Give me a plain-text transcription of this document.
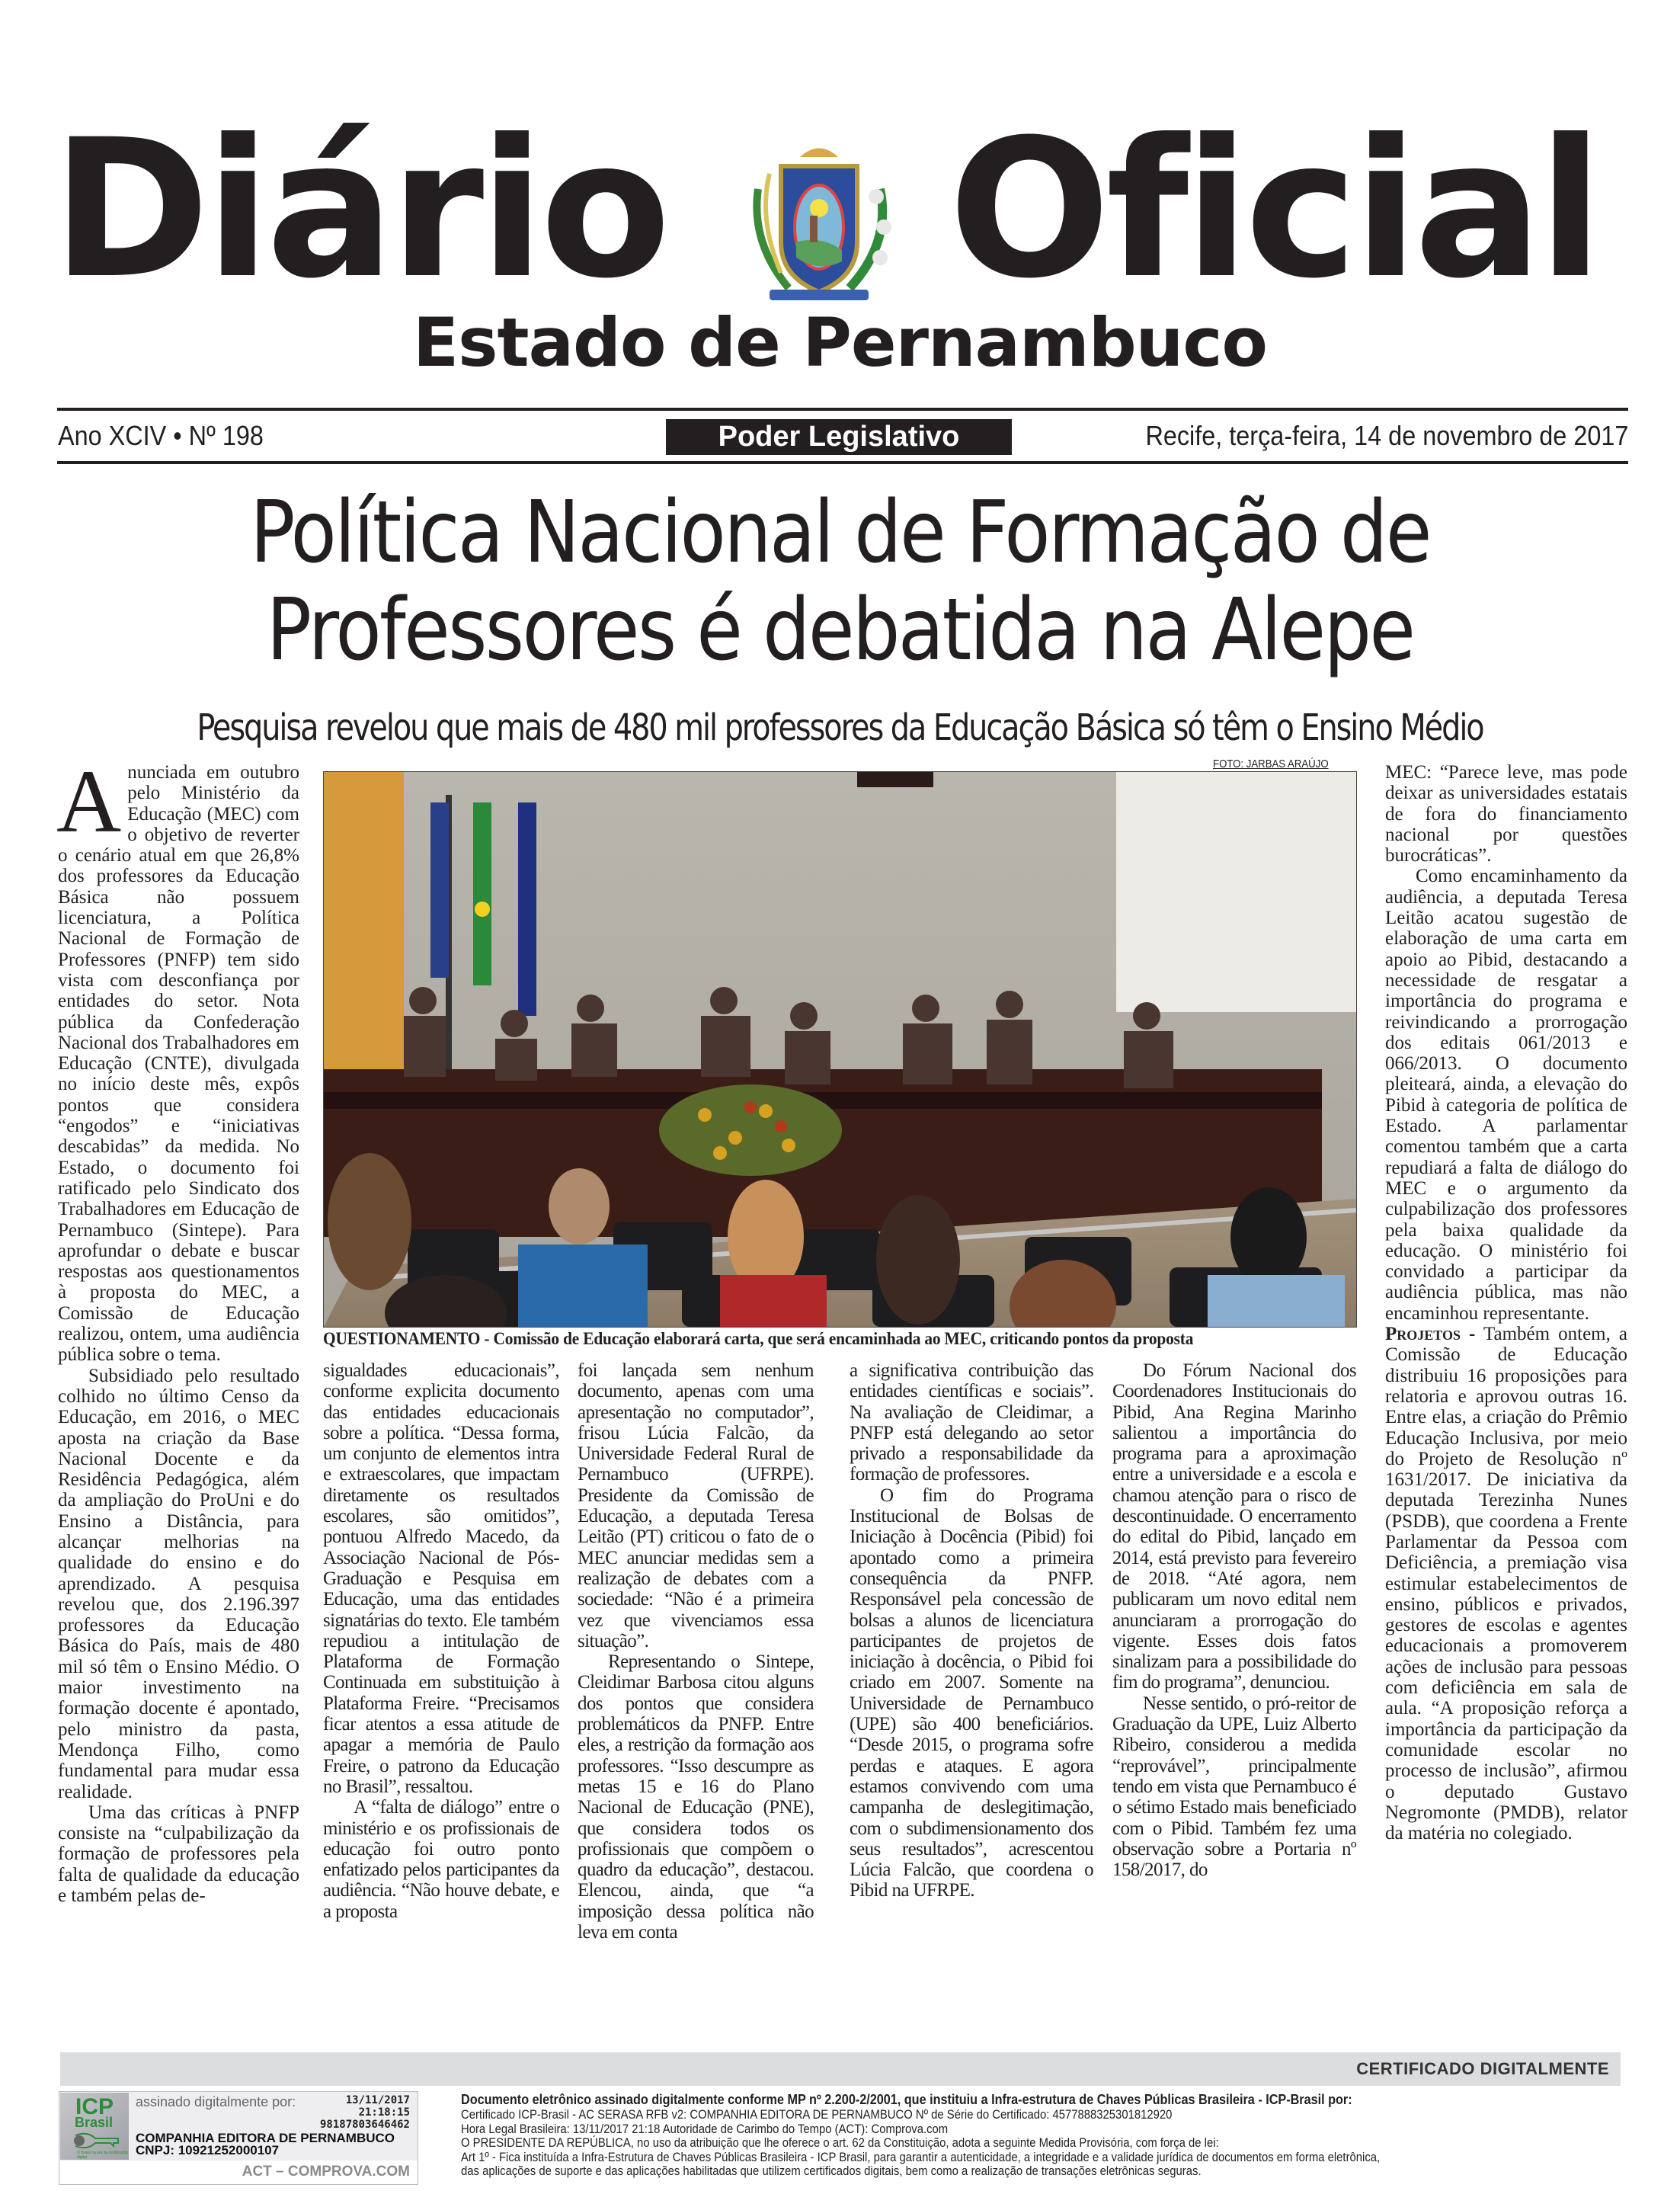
Diário Oficial
Estado de Pernambuco
Ano XCIV • Nº 198	Poder Legislativo	Recife, terça-feira, 14 de novembro de 2017
Política Nacional de Formação de
Professores é debatida na Alepe
Pesquisa revelou que mais de 480 mil professores da Educação Básica só têm o Ensino Médio

Anunciada em outubro pelo Ministério da Educação (MEC) com o objetivo de reverter o cenário atual em que 26,8% dos professores da Educação Básica não possuem licenciatura, a Política Nacional de Formação de Professores (PNFP) tem sido vista com desconfiança por entidades do setor. Nota pública da Confederação Nacional dos Trabalhadores em Educação (CNTE), divulgada no início deste mês, expôs pontos que considera “engodos” e “iniciativas descabidas” da medida. No Estado, o documento foi ratificado pelo Sindicato dos Trabalhadores em Educação de Pernambuco (Sintepe). Para aprofundar o debate e buscar respostas aos questionamentos à proposta do MEC, a Comissão de Educação realizou, ontem, uma audiência pública sobre o tema.

Subsidiado pelo resultado colhido no último Censo da Educação, em 2016, o MEC aposta na criação da Base Nacional Docente e da Residência Pedagógica, além da ampliação do ProUni e do Ensino a Distância, para alcançar melhorias na qualidade do ensino e do aprendizado. A pesquisa revelou que, dos 2.196.397 professores da Educação Básica do País, mais de 480 mil só têm o Ensino Médio. O maior investimento na formação docente é apontado, pelo ministro da pasta, Mendonça Filho, como fundamental para mudar essa realidade.

Uma das críticas à PNFP consiste na “culpabilização da formação de professores pela falta de qualidade da educação e também pelas de-

FOTO: JARBAS ARAÚJO
QUESTIONAMENTO - Comissão de Educação elaborará carta, que será encaminhada ao MEC, criticando pontos da proposta

sigualdades educacionais”, conforme explicita documento das entidades educacionais sobre a política. “Dessa forma, um conjunto de elementos intra e extraescolares, que impactam diretamente os resultados escolares, são omitidos”, pontuou Alfredo Macedo, da Associação Nacional de Pós-Graduação e Pesquisa em Educação, uma das entidades signatárias do texto. Ele também repudiou a intitulação de Plataforma de Formação Continuada em substituição à Plataforma Freire. “Precisamos ficar atentos a essa atitude de apagar a memória de Paulo Freire, o patrono da Educação no Brasil”, ressaltou.

A “falta de diálogo” entre o ministério e os profissionais de educação foi outro ponto enfatizado pelos participantes da audiência. “Não houve debate, e a proposta

foi lançada sem nenhum documento, apenas com uma apresentação no computador”, frisou Lúcia Falcão, da Universidade Federal Rural de Pernambuco (UFRPE). Presidente da Comissão de Educação, a deputada Teresa Leitão (PT) criticou o fato de o MEC anunciar medidas sem a realização de debates com a sociedade: “Não é a primeira vez que vivenciamos essa situação”.

Representando o Sintepe, Cleidimar Barbosa citou alguns dos pontos que considera problemáticos da PNFP. Entre eles, a restrição da formação aos professores. “Isso descumpre as metas 15 e 16 do Plano Nacional de Educação (PNE), que considera todos os profissionais que compõem o quadro da educação”, destacou. Elencou, ainda, que “a imposição dessa política não leva em conta

a significativa contribuição das entidades científicas e sociais”. Na avaliação de Cleidimar, a PNFP está delegando ao setor privado a responsabilidade da formação de professores.

O fim do Programa Institucional de Bolsas de Iniciação à Docência (Pibid) foi apontado como a primeira consequência da PNFP. Responsável pela concessão de bolsas a alunos de licenciatura participantes de projetos de iniciação à docência, o Pibid foi criado em 2007. Somente na Universidade de Pernambuco (UPE) são 400 beneficiários. “Desde 2015, o programa sofre perdas e ataques. E agora estamos convivendo com uma campanha de deslegitimação, com o subdimensionamento dos seus resultados”, acrescentou Lúcia Falcão, que coordena o Pibid na UFRPE.

Do Fórum Nacional dos Coordenadores Institucionais do Pibid, Ana Regina Marinho salientou a importância do programa para a aproximação entre a universidade e a escola e chamou atenção para o risco de descontinuidade. O encerramento do edital do Pibid, lançado em 2014, está previsto para fevereiro de 2018. “Até agora, nem publicaram um novo edital nem anunciaram a prorrogação do vigente. Esses dois fatos sinalizam para a possibilidade do fim do programa”, denunciou.

Nesse sentido, o pró-reitor de Graduação da UPE, Luiz Alberto Ribeiro, considerou a medida “reprovável”, principalmente tendo em vista que Pernambuco é o sétimo Estado mais beneficiado com o Pibid. Também fez uma observação sobre a Portaria nº 158/2017, do

MEC: “Parece leve, mas pode deixar as universidades estatais de fora do financiamento nacional por questões burocráticas”.

Como encaminhamento da audiência, a deputada Teresa Leitão acatou sugestão de elaboração de uma carta em apoio ao Pibid, destacando a necessidade de resgatar a importância do programa e reivindicando a prorrogação dos editais 061/2013 e 066/2013. O documento pleiteará, ainda, a elevação do Pibid à categoria de política de Estado. A parlamentar comentou também que a carta repudiará a falta de diálogo do MEC e o argumento da culpabilização dos professores pela baixa qualidade da educação. O ministério foi convidado a participar da audiência pública, mas não encaminhou representante.

Projetos - Também ontem, a Comissão de Educação distribuiu 16 proposições para relatoria e aprovou outras 16. Entre elas, a criação do Prêmio Educação Inclusiva, por meio do Projeto de Resolução nº 1631/2017. De iniciativa da deputada Terezinha Nunes (PSDB), que coordena a Frente Parlamentar da Pessoa com Deficiência, a premiação visa estimular estabelecimentos de ensino, públicos e privados, gestores de escolas e agentes educacionais a promoverem ações de inclusão para pessoas com deficiência em sala de aula. “A proposição reforça a importância da participação da comunidade escolar no processo de inclusão”, afirmou o deputado Gustavo Negromonte (PMDB), relator da matéria no colegiado.

CERTIFICADO DIGITALMENTE
ICP
Brasil
O Brasil na era da certificação digital
assinado digitalmente por:	13/11/2017
21:18:15
98187803646462
COMPANHIA EDITORA DE PERNAMBUCO
CNPJ: 10921252000107
ACT – COMPROVA.COM
Documento eletrônico assinado digitalmente conforme MP nº 2.200-2/2001, que instituiu a Infra-estrutura de Chaves Públicas Brasileira - ICP-Brasil por:
Certificado ICP-Brasil - AC SERASA RFB v2: COMPANHIA EDITORA DE PERNAMBUCO Nº de Série do Certificado: 4577888325301812920
Hora Legal Brasileira: 13/11/2017 21:18 Autoridade de Carimbo do Tempo (ACT): Comprova.com
O PRESIDENTE DA REPÚBLICA, no uso da atribuição que lhe oferece o art. 62 da Constituição, adota a seguinte Medida Provisória, com força de lei:
Art 1º - Fica instituída a Infra-Estrutura de Chaves Públicas Brasileira - ICP Brasil, para garantir a autenticidade, a integridade e a validade jurídica de documentos em forma eletrônica,
das aplicações de suporte e das aplicações habilitadas que utilizem certificados digitais, bem como a realização de transações eletrônicas seguras.
